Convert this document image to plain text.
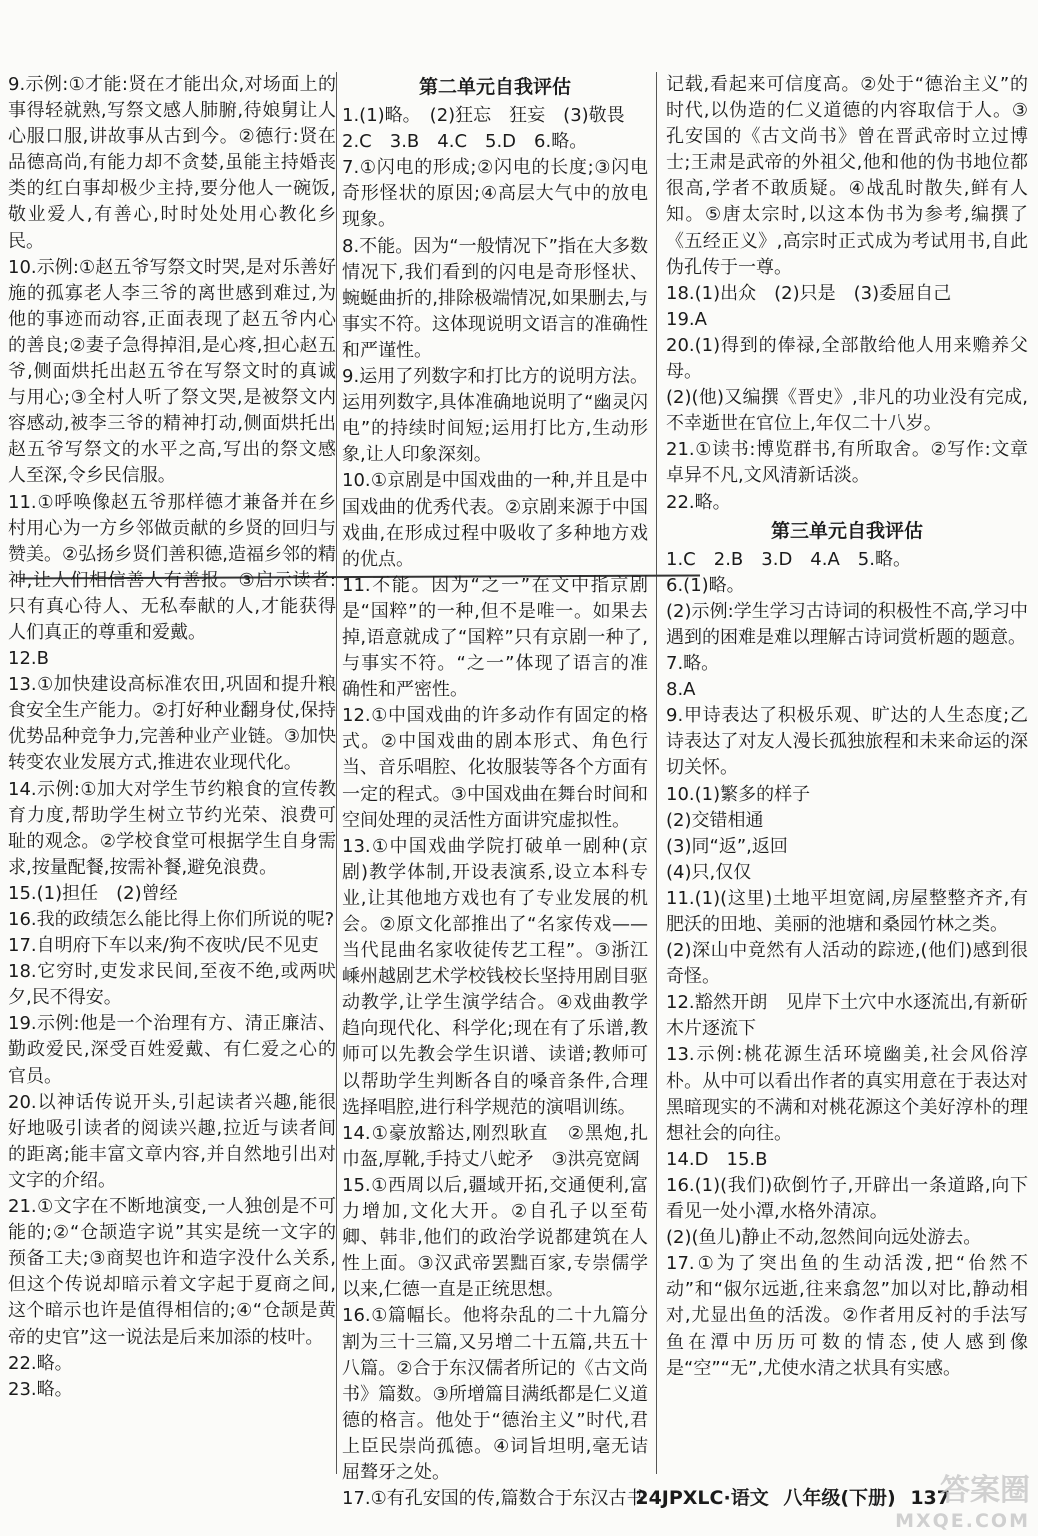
9.示例:①才能:贤在才能出众,对场面上的事得轻就熟,写祭文感人肺腑,待娘舅让人心服口服,讲故事从古到今。②德行:贤在品德高尚,有能力却不贪婪,虽能主持婚丧类的红白事却极少主持,要分他人一碗饭,敬业爱人,有善心,时时处处用心教化乡民。
10.示例:①赵五爷写祭文时哭,是对乐善好施的孤寡老人李三爷的离世感到难过,为他的事迹而动容,正面表现了赵五爷内心的善良;②妻子急得掉泪,是心疼,担心赵五爷,侧面烘托出赵五爷在写祭文时的真诚与用心;③全村人听了祭文哭,是被祭文内容感动,被李三爷的精神打动,侧面烘托出赵五爷写祭文的水平之高,写出的祭文感人至深,令乡民信服。
11.①呼唤像赵五爷那样德才兼备并在乡村用心为一方乡邻做贡献的乡贤的回归与赞美。②弘扬乡贤们善积德,造福乡邻的精神,让人们相信善人有善报。③启示读者:只有真心待人、无私奉献的人,才能获得人们真正的尊重和爱戴。
12.B
13.①加快建设高标准农田,巩固和提升粮食安全生产能力。②打好种业翻身仗,保持优势品种竞争力,完善种业产业链。③加快转变农业发展方式,推进农业现代化。
14.示例:①加大对学生节约粮食的宣传教育力度,帮助学生树立节约光荣、浪费可耻的观念。②学校食堂可根据学生自身需求,按量配餐,按需补餐,避免浪费。
15.(1)担任　(2)曾经
16.我的政绩怎么能比得上你们所说的呢?
17.自明府下车以来/狗不夜吠/民不见吏
18.它穷时,吏发求民间,至夜不绝,或两吠夕,民不得安。
19.示例:他是一个治理有方、清正廉洁、勤政爱民,深受百姓爱戴、有仁爱之心的官员。
20.以神话传说开头,引起读者兴趣,能很好地吸引读者的阅读兴趣,拉近与读者间的距离;能丰富文章内容,并自然地引出对文字的介绍。
21.①文字在不断地演变,一人独创是不可能的;②“仓颉造字说”其实是统一文字的预备工夫;③商契也许和造字没什么关系,但这个传说却暗示着文字起于夏商之间,这个暗示也许是值得相信的;④“仓颉是黄帝的史官”这一说法是后来加添的枝叶。
22.略。
23.略。
第二单元自我评估
1.(1)略。　(2)狂忘　狂妄　(3)敬畏
2.C　3.B　4.C　5.D　6.略。
7.①闪电的形成;②闪电的长度;③闪电奇形怪状的原因;④高层大气中的放电现象。
8.不能。因为“一般情况下”指在大多数情况下,我们看到的闪电是奇形怪状、蜿蜒曲折的,排除极端情况,如果删去,与事实不符。这体现说明文语言的准确性和严谨性。
9.运用了列数字和打比方的说明方法。运用列数字,具体准确地说明了“幽灵闪电”的持续时间短;运用打比方,生动形象,让人印象深刻。
10.①京剧是中国戏曲的一种,并且是中国戏曲的优秀代表。②京剧来源于中国戏曲,在形成过程中吸收了多种地方戏的优点。
11.不能。因为“之一”在文中指京剧是“国粹”的一种,但不是唯一。如果去掉,语意就成了“国粹”只有京剧一种了,与事实不符。“之一”体现了语言的准确性和严密性。
12.①中国戏曲的许多动作有固定的格式。②中国戏曲的剧本形式、角色行当、音乐唱腔、化妆服装等各个方面有一定的程式。③中国戏曲在舞台时间和空间处理的灵活性方面讲究虚拟性。
13.①中国戏曲学院打破单一剧种(京剧)教学体制,开设表演系,设立本科专业,让其他地方戏也有了专业发展的机会。②原文化部推出了“名家传戏——当代昆曲名家收徒传艺工程”。③浙江嵊州越剧艺术学校钱校长坚持用剧目驱动教学,让学生演学结合。④戏曲教学趋向现代化、科学化;现在有了乐谱,教师可以先教会学生识谱、读谱;教师可以帮助学生判断各自的嗓音条件,合理选择唱腔,进行科学规范的演唱训练。
14.①豪放豁达,刚烈耿直　②黑炮,扎巾盔,厚靴,手持丈八蛇矛　③洪亮宽阔
15.①西周以后,疆域开拓,交通便利,富力增加,文化大开。②自孔子以至荀卿、韩非,他们的政治学说都建筑在人性上面。③汉武帝罢黜百家,专崇儒学以来,仁德一直是正统思想。
16.①篇幅长。他将杂乱的二十九篇分割为三十三篇,又另增二十五篇,共五十八篇。②合于东汉儒者所记的《古文尚书》篇数。③所增篇目满纸都是仁义道德的格言。他处于“德治主义”时代,君上臣民崇尚孤德。④词旨坦明,毫无诘屈聱牙之处。
17.①有孔安国的传,篇数合于东汉古书
记载,看起来可信度高。②处于“德治主义”的时代,以伪造的仁义道德的内容取信于人。③孔安国的《古文尚书》曾在晋武帝时立过博士;王肃是武帝的外祖父,他和他的伪书地位都很高,学者不敢质疑。④战乱时散失,鲜有人知。⑤唐太宗时,以这本伪书为参考,编撰了《五经正义》,高宗时正式成为考试用书,自此伪孔传于一尊。
18.(1)出众　(2)只是　(3)委屈自己
19.A
20.(1)得到的俸禄,全部散给他人用来赡养父母。
(2)(他)又编撰《晋史》,非凡的功业没有完成,不幸逝世在官位上,年仅二十八岁。
21.①读书:博览群书,有所取舍。②写作:文章卓异不凡,文风清新话淡。
22.略。
第三单元自我评估
1.C　2.B　3.D　4.A　5.略。
6.(1)略。
(2)示例:学生学习古诗词的积极性不高,学习中遇到的困难是难以理解古诗词赏析题的题意。
7.略。
8.A
9.甲诗表达了积极乐观、旷达的人生态度;乙诗表达了对友人漫长孤独旅程和未来命运的深切关怀。
10.(1)繁多的样子
(2)交错相通
(3)同“返”,返回
(4)只,仅仅
11.(1)(这里)土地平坦宽阔,房屋整整齐齐,有肥沃的田地、美丽的池塘和桑园竹林之类。
(2)深山中竟然有人活动的踪迹,(他们)感到很奇怪。
12.豁然开朗　见岸下土穴中水逐流出,有新斫木片逐流下
13.示例:桃花源生活环境幽美,社会风俗淳朴。从中可以看出作者的真实用意在于表达对黑暗现实的不满和对桃花源这个美好淳朴的理想社会的向往。
14.D　15.B
16.(1)(我们)砍倒竹子,开辟出一条道路,向下看见一处小潭,水格外清凉。
(2)(鱼儿)静止不动,忽然间向远处游去。
17.①为了突出鱼的生动活泼,把“佁然不动”和“俶尔远逝,往来翕忽”加以对比,静动相对,尤显出鱼的活泼。②作者用反衬的手法写鱼在潭中历历可数的情态,使人感到像是“空”“无”,尤使水清之状具有实感。
24JPXLC·语文 八年级(下册) 137
答案圈
MXQE.COM
